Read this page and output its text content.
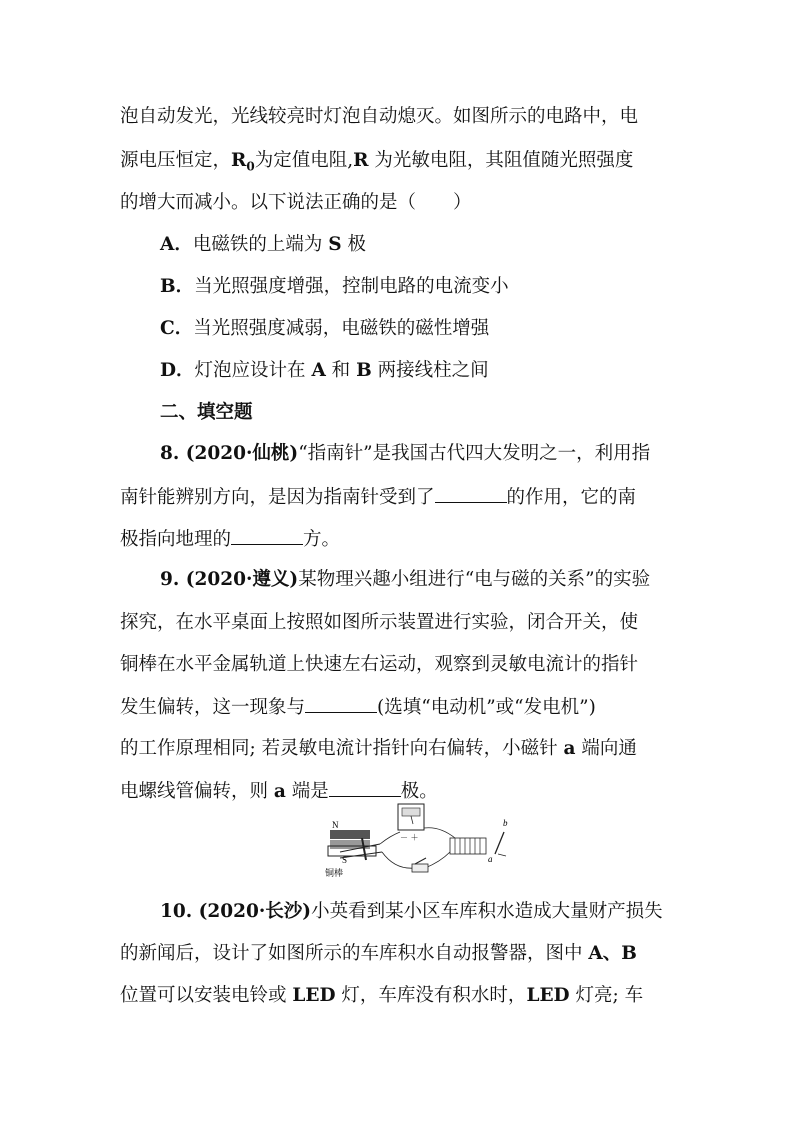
泡自动发光，光线较亮时灯泡自动熄灭。如图所示的电路中，电
源电压恒定，$R_0$为定值电阻,R 为光敏电阻，其阻值随光照强度
的增大而减小。以下说法正确的是（　　）
A．电磁铁的上端为 S 极
B．当光照强度增强，控制电路的电流变小
C．当光照强度减弱，电磁铁的磁性增强
D．灯泡应设计在 A 和 B 两接线柱之间
二、填空题
8. (2020·仙桃)“指南针”是我国古代四大发明之一，利用指
南针能辨别方向，是因为指南针受到了	的作用，它的南
极指向地理的	方。
9. (2020·遵义)某物理兴趣小组进行“电与磁的关系”的实验
探究，在水平桌面上按照如图所示装置进行实验，闭合开关，使
铜棒在水平金属轨道上快速左右运动，观察到灵敏电流计的指针
发生偏转，这一现象与	(选填“电动机”或“发电机”)
的工作原理相同; 若灵敏电流计指针向右偏转，小磁针 a 端向通
电螺线管偏转，则 a 端是	极。
N
S
铜棒
－ ＋
b
a
10. (2020·长沙)小英看到某小区车库积水造成大量财产损失
的新闻后，设计了如图所示的车库积水自动报警器，图中 A、B
位置可以安装电铃或 LED 灯，车库没有积水时，LED 灯亮; 车
